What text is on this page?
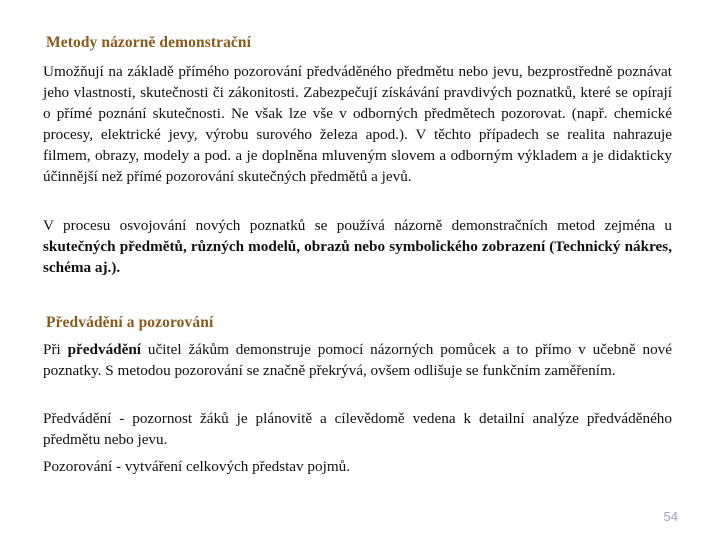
Metody názorně demonstrační
Umožňují na základě přímého pozorování předváděného předmětu nebo jevu, bezprostředně poznávat jeho vlastnosti, skutečnosti či zákonitosti. Zabezpečují získávání pravdivých poznatků, které se opírají o přímé poznání skutečnosti. Ne však lze vše v odborných předmětech pozorovat. (např. chemické procesy, elektrické jevy, výrobu surového železa apod.). V těchto případech se realita nahrazuje filmem, obrazy, modely a pod. a je doplněna mluveným slovem a odborným výkladem a je didakticky účinnější než přímé pozorování skutečných předmětů a jevů.
V procesu osvojování nových poznatků se používá názorně demonstračních metod zejména u skutečných předmětů, různých modelů, obrazů nebo symbolického zobrazení (Technický nákres, schéma aj.).
Předvádění a pozorování
Při předvádění učitel žákům demonstruje pomocí názorných pomůcek a to přímo v učebně nové poznatky. S metodou pozorování se značně překrývá, ovšem odlišuje se funkčním zaměřením.
Předvádění - pozornost žáků je plánovitě a cílevědomě vedena k detailní analýze předváděného předmětu nebo jevu.
Pozorování - vytváření celkových představ pojmů.
54
